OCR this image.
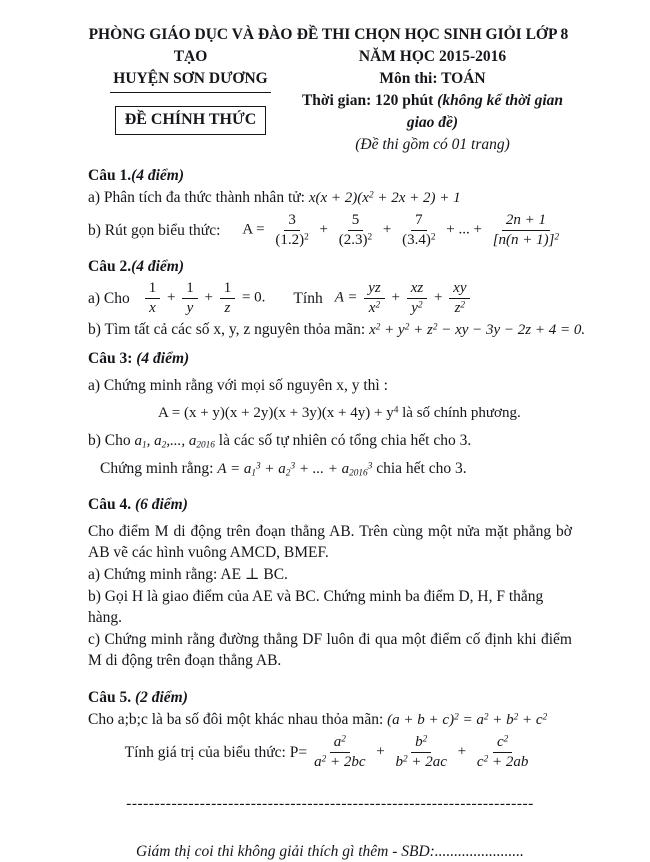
PHÒNG GIÁO DỤC VÀ ĐÀO TẠO
HUYỆN SƠN DƯƠNG
ĐỀ CHÍNH THỨC
ĐỀ THI CHỌN HỌC SINH GIỎI LỚP 8
NĂM HỌC 2015-2016
Môn thi: TOÁN
Thời gian: 120 phút (không kể thời gian giao đề)
(Đề thi gồm có 01 trang)
Câu 1.(4 điểm)
a) Phân tích đa thức thành nhân tử: $x(x + 2)(x^2 + 2x + 2) + 1$
b) Rút gọn biểu thức: $A = \frac{3}{(1.2)^2} + \frac{5}{(2.3)^2} + \frac{7}{(3.4)^2}$ + ... + $\frac{2n + 1}{[n(n + 1)]^2}$
Câu 2.(4 điểm)
a) Cho $\frac{1}{x} + \frac{1}{y} + \frac{1}{z} = 0$. Tính $A = \frac{yz}{x^2} + \frac{xz}{y^2} + \frac{xy}{z^2}$
b) Tìm tất cả các số x, y, z nguyên thỏa mãn: $x^2 + y^2 + z^2$ − xy − 3y − 2z + 4 = 0.
Câu 3: (4 điểm)
a) Chứng minh rằng với mọi số nguyên x, y thì :
$A = (x + y)(x + 2y)(x + 3y)(x + 4y) + y^4$ là số chính phương.
b) Cho $a_1$, $a_2$,..., $a_{2016}$ là các số tự nhiên có tổng chia hết cho 3.
Chứng minh rằng: $A = a_1^3 + a_2^3$ + ... + $a_{2016}^3$ chia hết cho 3.
Câu 4. (6 điểm)
Cho điểm M di động trên đoạn thẳng AB. Trên cùng một nửa mặt phẳng bờ AB vẽ các hình vuông AMCD, BMEF.
a) Chứng minh rằng: AE ⊥ BC.
b) Gọi H là giao điểm của AE và BC. Chứng minh ba điểm D, H, F thẳng hàng.
c) Chứng minh rằng đường thẳng DF luôn đi qua một điểm cố định khi điểm M di động trên đoạn thẳng AB.
Câu 5. (2 điểm)
Cho a;b;c là ba số đôi một khác nhau thỏa mãn: $(a + b + c)^2 = a^2 + b^2 + c^2$
Tính giá trị của biểu thức: $P= \frac{a^2}{a^2 + 2bc} + \frac{b^2}{b^2 + 2ac} + \frac{c^2}{c^2 + 2ab}$
------------------------------------------------------------------------
Giám thị coi thi không giải thích gì thêm - SBD:.......................
